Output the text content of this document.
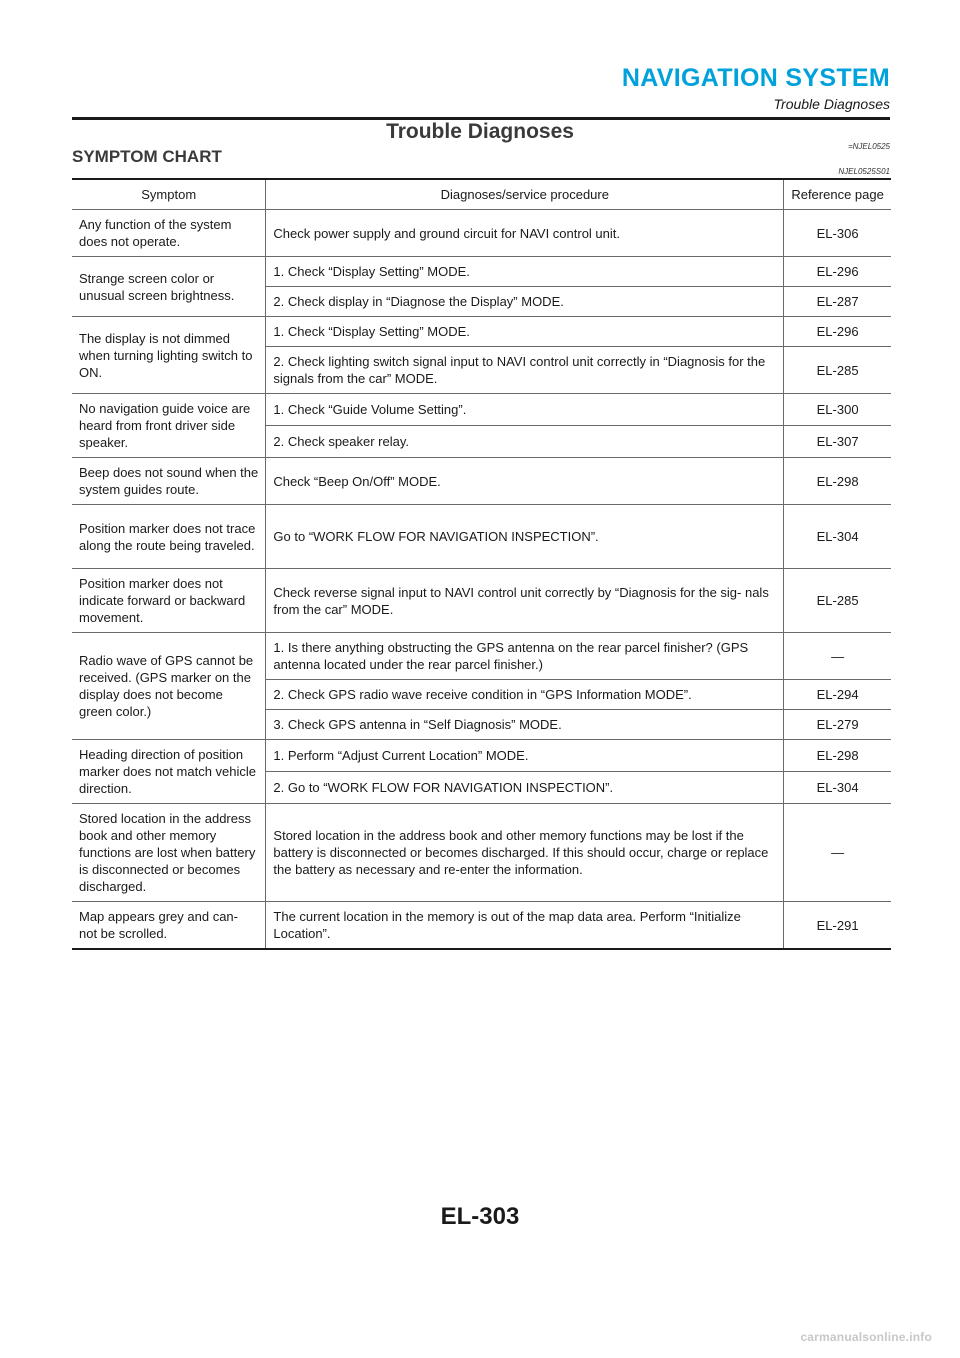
NAVIGATION SYSTEM
Trouble Diagnoses
Trouble Diagnoses
=NJEL0525
SYMPTOM CHART
NJEL0525S01
Symptom	Diagnoses/service procedure	Reference page
Any function of the system does not operate.	Check power supply and ground circuit for NAVI control unit.	EL-306
Strange screen color or unusual screen brightness.	1. Check “Display Setting” MODE.	EL-296
	2. Check display in “Diagnose the Display” MODE.	EL-287
The display is not dimmed when turning lighting switch to ON.	1. Check “Display Setting” MODE.	EL-296
	2. Check lighting switch signal input to NAVI control unit correctly in “Diagnosis for the signals from the car” MODE.	EL-285
No navigation guide voice are heard from front driver side speaker.	1. Check “Guide Volume Setting”.	EL-300
	2. Check speaker relay.	EL-307
Beep does not sound when the system guides route.	Check “Beep On/Off” MODE.	EL-298
Position marker does not trace along the route being traveled.	Go to “WORK FLOW FOR NAVIGATION INSPECTION”.	EL-304
Position marker does not indicate forward or backward movement.	Check reverse signal input to NAVI control unit correctly by “Diagnosis for the sig- nals from the car” MODE.	EL-285
Radio wave of GPS cannot be received. (GPS marker on the display does not become green color.)	1. Is there anything obstructing the GPS antenna on the rear parcel finisher? (GPS antenna located under the rear parcel finisher.)	—
	2. Check GPS radio wave receive condition in “GPS Information MODE”.	EL-294
	3. Check GPS antenna in “Self Diagnosis” MODE.	EL-279
Heading direction of position marker does not match vehicle direction.	1. Perform “Adjust Current Location” MODE.	EL-298
	2. Go to “WORK FLOW FOR NAVIGATION INSPECTION”.	EL-304
Stored location in the address book and other memory functions are lost when battery is disconnected or becomes discharged.	Stored location in the address book and other memory functions may be lost if the battery is disconnected or becomes discharged. If this should occur, charge or replace the battery as necessary and re-enter the information.	—
Map appears grey and can- not be scrolled.	The current location in the memory is out of the map data area. Perform “Initialize Location”.	EL-291
EL-303
carmanualsonline.info
